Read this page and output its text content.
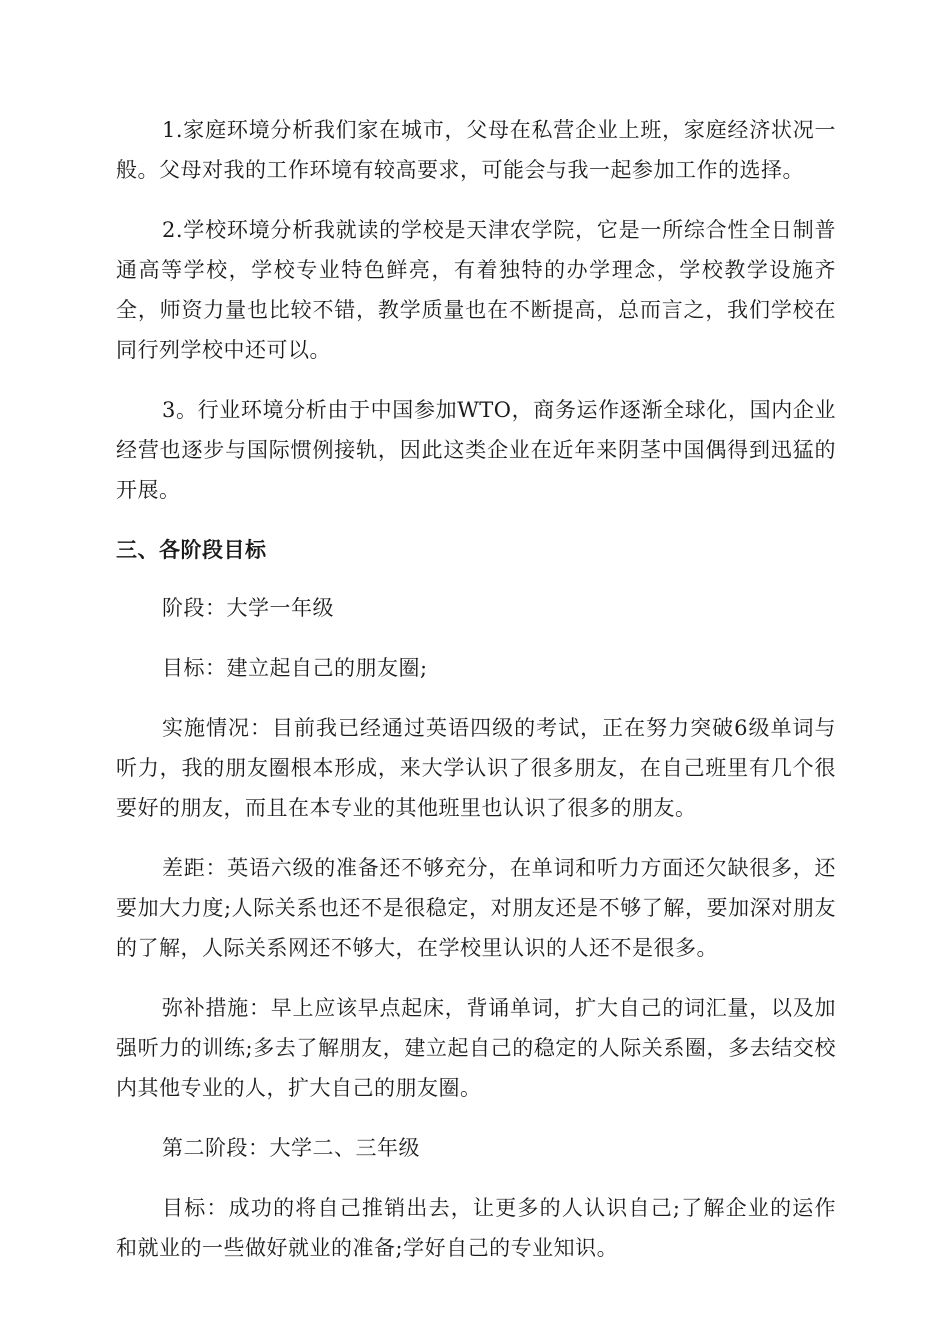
1.家庭环境分析我们家在城市，父母在私营企业上班，家庭经济状况一般。父母对我的工作环境有较高要求，可能会与我一起参加工作的选择。

2.学校环境分析我就读的学校是天津农学院，它是一所综合性全日制普通高等学校，学校专业特色鲜亮，有着独特的办学理念，学校教学设施齐全，师资力量也比较不错，教学质量也在不断提高，总而言之，我们学校在同行列学校中还可以。

3。行业环境分析由于中国参加WTO，商务运作逐渐全球化，国内企业经营也逐步与国际惯例接轨，因此这类企业在近年来阴茎中国偶得到迅猛的开展。

三、各阶段目标

阶段：大学一年级

目标：建立起自己的朋友圈;

实施情况：目前我已经通过英语四级的考试，正在努力突破6级单词与听力，我的朋友圈根本形成，来大学认识了很多朋友，在自己班里有几个很要好的朋友，而且在本专业的其他班里也认识了很多的朋友。

差距：英语六级的准备还不够充分，在单词和听力方面还欠缺很多，还要加大力度;人际关系也还不是很稳定，对朋友还是不够了解，要加深对朋友的了解，人际关系网还不够大，在学校里认识的人还不是很多。

弥补措施：早上应该早点起床，背诵单词，扩大自己的词汇量，以及加强听力的训练;多去了解朋友，建立起自己的稳定的人际关系圈，多去结交校内其他专业的人，扩大自己的朋友圈。

第二阶段：大学二、三年级

目标：成功的将自己推销出去，让更多的人认识自己;了解企业的运作和就业的一些做好就业的准备;学好自己的专业知识。
